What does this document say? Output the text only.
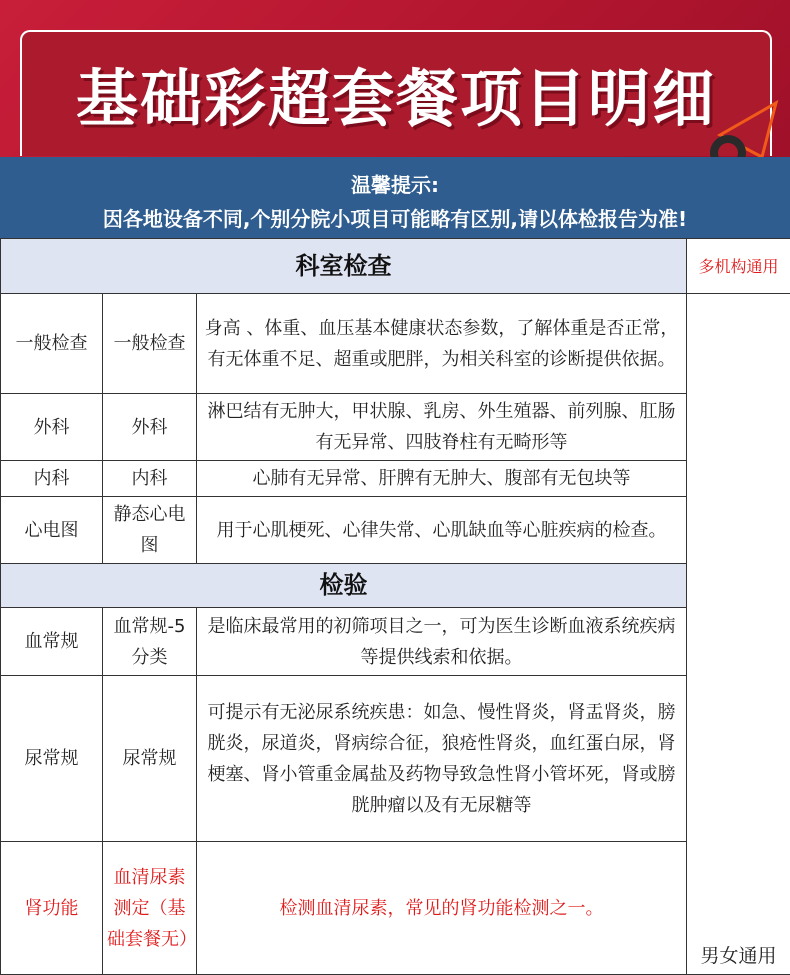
基础彩超套餐项目明细
温馨提示:
因各地设备不同,个别分院小项目可能略有区别,请以体检报告为准!
科室检查			多机构通用
一般检查	一般检查	身高 、体重、血压基本健康状态参数，了解体重是否正常，有无体重不足、超重或肥胖，为相关科室的诊断提供依据。	男女通用
外科	外科	淋巴结有无肿大，甲状腺、乳房、外生殖器、前列腺、肛肠有无异常、四肢脊柱有无畸形等	
内科	内科	心肺有无异常、肝脾有无肿大、腹部有无包块等	
心电图	静态心电图	用于心肌梗死、心律失常、心肌缺血等心脏疾病的检查。	
检验			
血常规	血常规-5分类	是临床最常用的初筛项目之一，可为医生诊断血液系统疾病等提供线索和依据。	
尿常规	尿常规	可提示有无泌尿系统疾患：如急、慢性肾炎，肾盂肾炎，膀胱炎，尿道炎，肾病综合征，狼疮性肾炎，血红蛋白尿，肾梗塞、肾小管重金属盐及药物导致急性肾小管坏死，肾或膀胱肿瘤以及有无尿糖等	
肾功能	血清尿素测定（基础套餐无）	检测血清尿素，常见的肾功能检测之一。	
